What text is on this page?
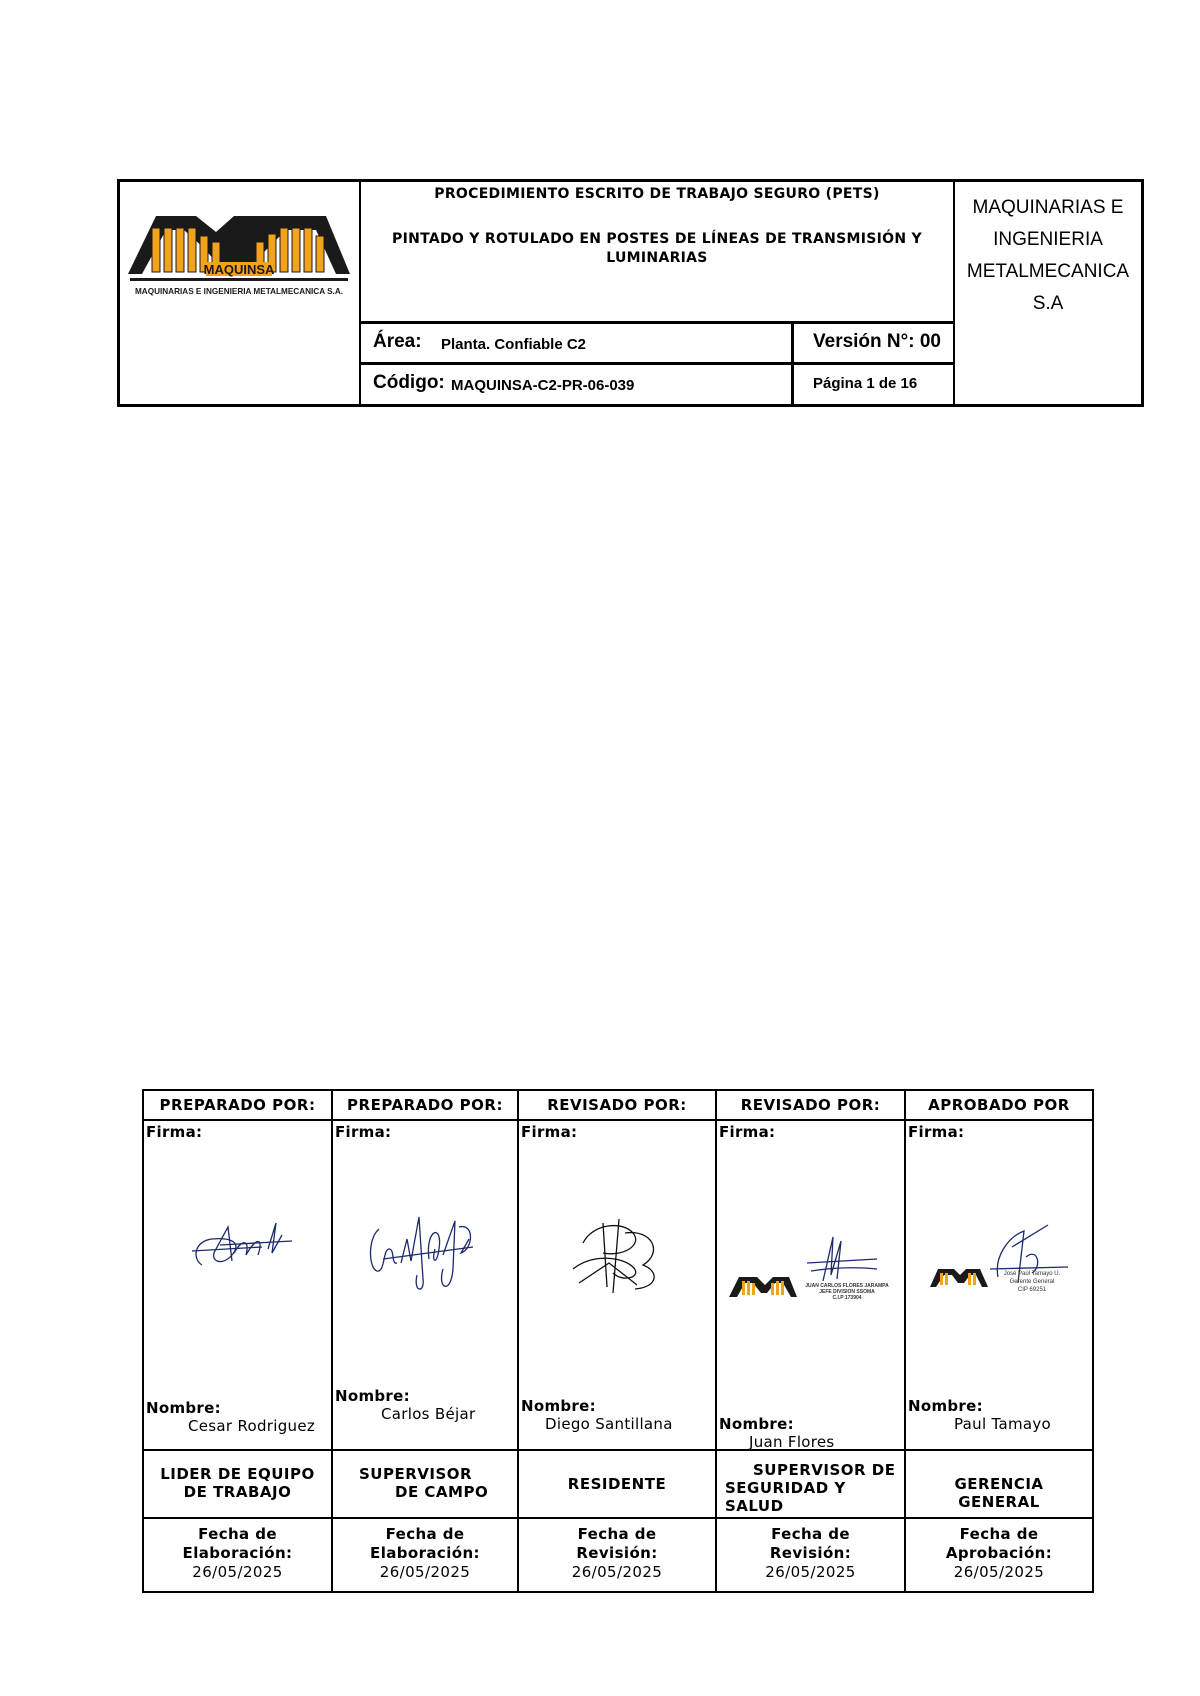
MAQUINSA
MAQUINARIAS E INGENIERIA METALMECANICA S.A.
PROCEDIMIENTO ESCRITO DE TRABAJO SEGURO (PETS)
PINTADO Y ROTULADO EN POSTES DE LÍNEAS DE TRANSMISIÓN Y LUMINARIAS
Área: Planta. Confiable C2	Versión N°: 00
Código: MAQUINSA-C2-PR-06-039	Página 1 de 16
MAQUINARIAS E
INGENIERIA
METALMECANICA
S.A
PREPARADO POR:
Firma:
Nombre:
Cesar Rodriguez
LIDER DE EQUIPO
DE TRABAJO
Fecha de
Elaboración:
26/05/2025
PREPARADO POR:
Firma:
Nombre:
Carlos Béjar
SUPERVISOR
DE CAMPO
Fecha de
Elaboración:
26/05/2025
REVISADO POR:
Firma:
Nombre:
Diego Santillana
RESIDENTE
Fecha de
Revisión:
26/05/2025
REVISADO POR:
Firma:
JUAN CARLOS FLORES JARAMPA
JEFE DIVISION SSOMA
C.I.P 173904
Nombre:
Juan Flores
SUPERVISOR DE
SEGURIDAD Y
SALUD
Fecha de
Revisión:
26/05/2025
APROBADO POR
Firma:
José Paúl Tamayo U.
Gerente General
CIP 69251
Nombre:
Paul Tamayo
GERENCIA
GENERAL
Fecha de
Aprobación:
26/05/2025
